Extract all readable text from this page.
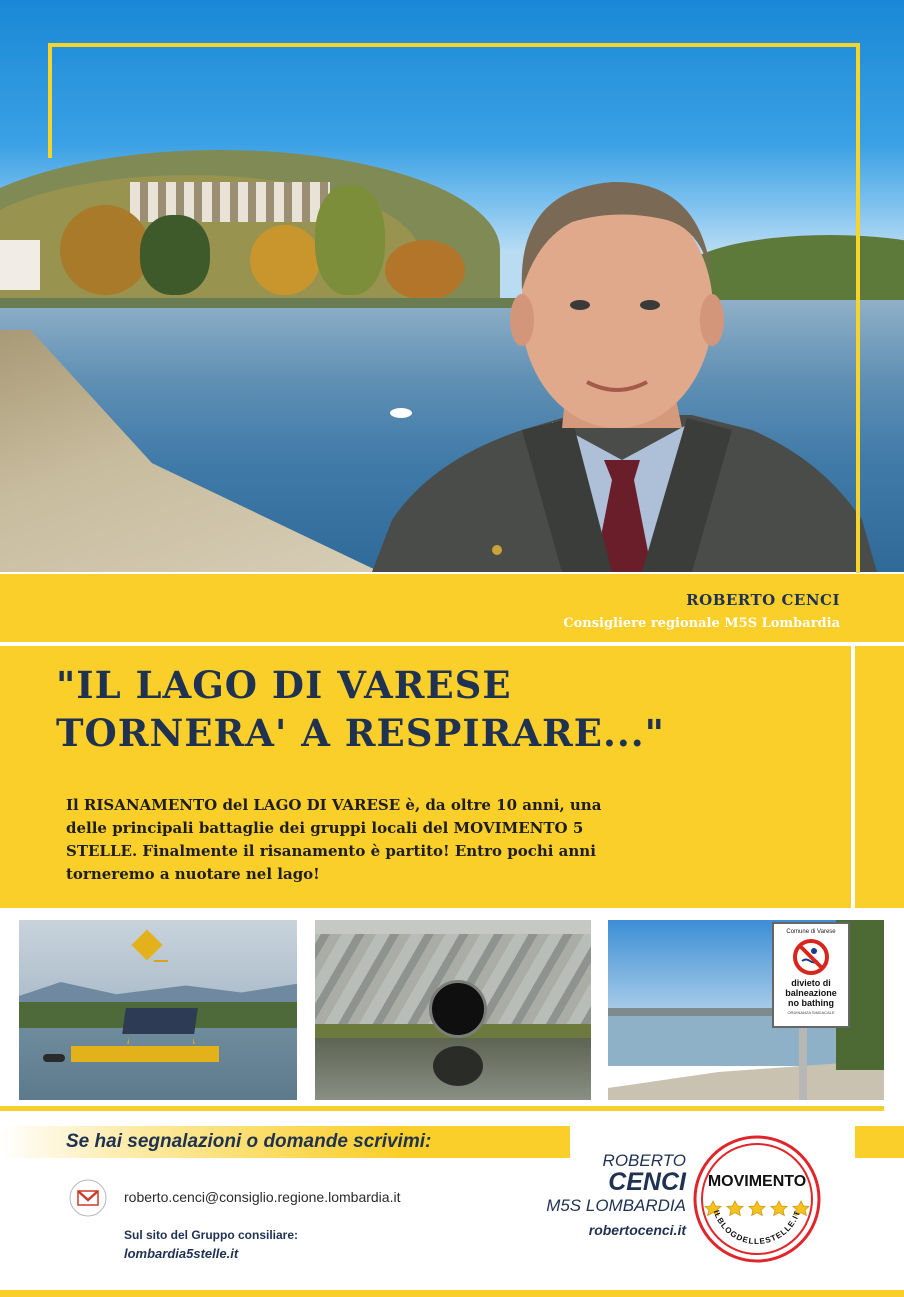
ROBERTO CENCI
Consigliere regionale M5S Lombardia
"IL LAGO DI VARESE
TORNERA' A RESPIRARE..."
Il RISANAMENTO del LAGO DI VARESE è, da oltre 10 anni, una
delle principali battaglie dei gruppi locali del MOVIMENTO 5
STELLE. Finalmente il risanamento è partito! Entro pochi anni
torneremo a nuotare nel lago!
Comune di Varese
divieto di
balneazione
no bathing
ORDINANZA SINDACALE
Se hai segnalazioni o domande scrivimi:
roberto.cenci@consiglio.regione.lombardia.it
Sul sito del Gruppo consiliare:
lombardia5stelle.it
ROBERTO
CENCI
M5S LOMBARDIA
robertocenci.it
MOVIMENTO
ILBLOGDELLESTELLE.IT
